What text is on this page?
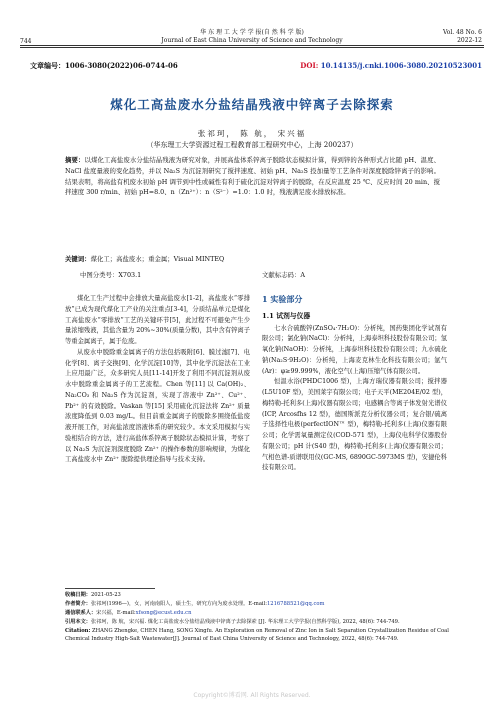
744
华 东 理 工 大 学 学 报(自 然 科 学 版)
Journal of East China University of Science and Technology
Vol. 48 No. 6
2022-12
文章编号：1006-3080(2022)06-0744-06	DOI: 10.14135/j.cnki.1006-3080.20210523001
煤化工高盐废水分盐结晶残液中锌离子去除探索
张祁珂， 陈 航， 宋兴福
（华东理工大学资源过程工程教育部工程研究中心，上海 200237）
摘要：以煤化工高盐废水分盐结晶残液为研究对象，并展高盐体系锌离子脱除状态模拟计算，得到锌的各种形式占比随 pH、温度、NaCl 盐度量液的变化趋势，并以 Na₂S 为沉淀剂研究了搅拌速度、初始 pH、Na₂S 投加量等工艺条件对深度脱除锌离子的影响。结果表明，将高盐有机废水初始 pH 调节到中性或碱性有利于硫化沉淀对锌离子的脱除，在反应温度 25 ℃、反应时间 20 min、搅拌速度 300 r/min、初始 pH=8.0、n（Zn²⁺）：n（S²⁻）=1.0：1.0 时，残液满足废水排放标准。
关键词：煤化工；高盐废水；重金属；Visual MINTEQ
中图分类号：X703.1	文献标志码：A

煤化工生产过程中会排放大量高盐废水[1-2]，高盐废水“零排放”已成为现代煤化工产业的关注重点[3-4]，分质结晶单元是煤化工高盐废水“零排放”工艺的关键环节[5]，此过程不可避免产生少量浓缩残液，其盐含量为 20%~30%(质量分数)，其中含有锌离子等重金属离子，属于危废。

从废水中脱除重金属离子的方法包括吸附[6]、膜过滤[7]、电化学[8]、离子交换[9]、化学沉淀[10]等，其中化学沉淀法在工业上应用最广泛，众多研究人员[11-14]开发了利用不同沉淀剂从废水中脱除重金属离子的工艺流程。Chen 等[11] 以 Ca(OH)₂、Na₂CO₃ 和 Na₂S 作为沉淀剂，实现了溶液中 Zn²⁺、Cu²⁺、Pb²⁺ 的有效脱除。Vaskan 等[15] 采用硫化沉淀法将 Zn²⁺ 质量浓度降低到 0.03 mg/L。但目前重金属离子的脱除多围绕低盐废液开展工作，对高盐浓度溶液体系的研究较少。本文采用模拟与实验相结合的方法，进行高盐体系锌离子脱除状态模拟计算，考察了以 Na₂S 为沉淀剂深度脱除 Zn²⁺ 的操作参数的影响规律，为煤化工高盐废水中 Zn²⁺ 脱除提供理论指导与技术支持。

1 实验部分
1.1 试剂与仪器

七水合硫酸锌(ZnSO₄·7H₂O)：分析纯，国药集团化学试剂有限公司；氯化钠(NaCl)：分析纯，上海泰坦科技股份有限公司；氢氧化钠(NaOH)：分析纯，上海泰坦科技股份有限公司；九水硫化钠(Na₂S·9H₂O)：分析纯，上海麦克林生化科技有限公司；氩气(Ar)：φ≥99.999%，液化空气(上海)压缩气体有限公司。

恒温水浴(PHDC1006 型)，上海方瑞仪器有限公司；搅拌器(L5U10F 型)，美国莱宇有限公司；电子天平(ME204E/02 型)，梅特勒-托利多(上海)仪器有限公司；电感耦合等离子体发射光谱仪(ICP, Arcosfhs 12 型)，德国斯派克分析仪器公司；复合银/硫离子选择性电极(perfectION™ 型)，梅特勒-托利多(上海)仪器有限公司；化学需氧量测定仪(COD-571 型)，上海仪电科学仪器股份有限公司；pH 计(S40 型)，梅特勒-托利多(上海)仪器有限公司；气相色谱-质谱联用仪(GC-MS, 6890GC-5973MS 型)，安捷伦科技有限公司。

收稿日期：2021-05-23
作者简介：张祁珂(1996—)，女，河南南阳人，硕士生，研究方向为废水处理。E-mail:1216788521@qq.com
通信联系人：宋兴福，E-mail:xfsong@ecust.edu.cn
引用本文：张祁珂，陈 航，宋兴福. 煤化工高盐废水分盐结晶残液中锌离子去除探索 [J]. 华东理工大学学报(自然科学版), 2022, 48(6): 744-749.
Citation: ZHANG Zhengke, CHEN Hang, SONG Xingfu. An Exploration on Removal of Zinc Ion in Salt Separation Crystallization Residue of Coal Chemical Industry High-Salt Wastewater[J]. Journal of East China University of Science and Technology, 2022, 48(6): 744-749.
Copyright©博看网. All Rights Reserved.
